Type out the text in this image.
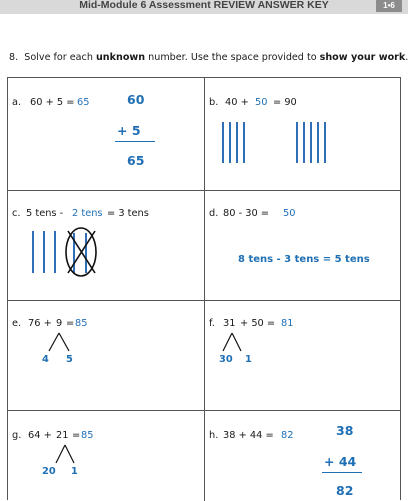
Mid-Module 6 Assessment REVIEW ANSWER KEY	1•6
8. Solve for each unknown number. Use the space provided to show your work
a. 60 + 5 = 65	60
+ 5
65
b. 40 + 50 = 90
c. 5 tens - 2 tens = 3 tens	d. 80 - 30 = 50
8 tens - 3 tens = 5 tens
e. 76 + 9 = 85
4 5
f. 31 + 50 = 81
30 1
g. 64 + 21 = 85
20 1
h. 38 + 44 = 82	38
+ 44
82
